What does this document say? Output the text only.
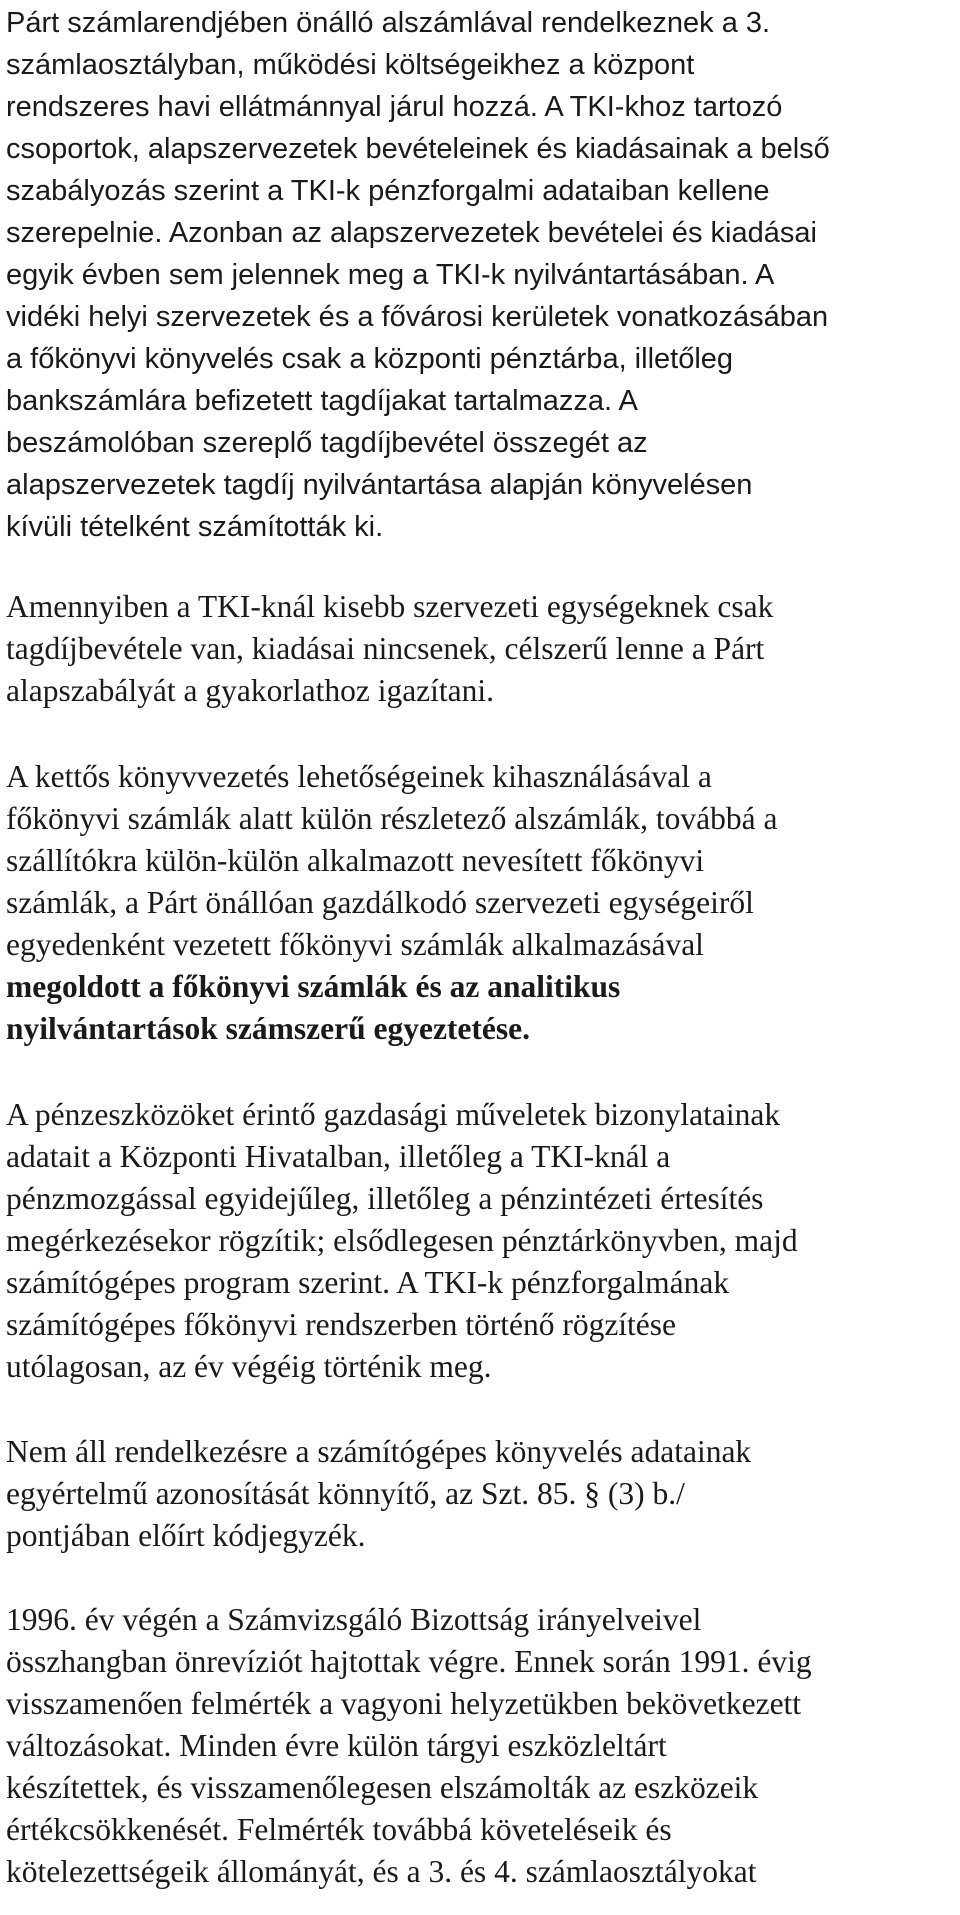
Párt számlarendjében önálló alszámlával rendelkeznek a 3.
számlaosztályban, működési költségeikhez a központ
rendszeres havi ellátmánnyal járul hozzá. A TKI-khoz tartozó
csoportok, alapszervezetek bevételeinek és kiadásainak a belső
szabályozás szerint a TKI-k pénzforgalmi adataiban kellene
szerepelnie. Azonban az alapszervezetek bevételei és kiadásai
egyik évben sem jelennek meg a TKI-k nyilvántartásában. A
vidéki helyi szervezetek és a fővárosi kerületek vonatkozásában
a főkönyvi könyvelés csak a központi pénztárba, illetőleg
bankszámlára befizetett tagdíjakat tartalmazza. A
beszámolóban szereplő tagdíjbevétel összegét az
alapszervezetek tagdíj nyilvántartása alapján könyvelésen
kívüli tételként számították ki.
Amennyiben a TKI-knál kisebb szervezeti egységeknek csak
tagdíjbevétele van, kiadásai nincsenek, célszerű lenne a Párt
alapszabályát a gyakorlathoz igazítani.
A kettős könyvvezetés lehetőségeinek kihasználásával a
főkönyvi számlák alatt külön részletező alszámlák, továbbá a
szállítókra külön-külön alkalmazott nevesített főkönyvi
számlák, a Párt önállóan gazdálkodó szervezeti egységeiről
egyedenként vezetett főkönyvi számlák alkalmazásával
megoldott a főkönyvi számlák és az analitikus
nyilvántartások számszerű egyeztetése.
A pénzeszközöket érintő gazdasági műveletek bizonylatainak
adatait a Központi Hivatalban, illetőleg a TKI-knál a
pénzmozgással egyidejűleg, illetőleg a pénzintézeti értesítés
megérkezésekor rögzítik; elsődlegesen pénztárkönyvben, majd
számítógépes program szerint. A TKI-k pénzforgalmának
számítógépes főkönyvi rendszerben történő rögzítése
utólagosan, az év végéig történik meg.
Nem áll rendelkezésre a számítógépes könyvelés adatainak
egyértelmű azonosítását könnyítő, az Szt. 85. § (3) b./
pontjában előírt kódjegyzék.
1996. év végén a Számvizsgáló Bizottság irányelveivel
összhangban önrevíziót hajtottak végre. Ennek során 1991. évig
visszamenően felmérték a vagyoni helyzetükben bekövetkezett
változásokat. Minden évre külön tárgyi eszközleltárt
készítettek, és visszamenőlegesen elszámolták az eszközeik
értékcsökkenését. Felmérték továbbá követeléseik és
kötelezettségeik állományát, és a 3. és 4. számlaosztályokat
